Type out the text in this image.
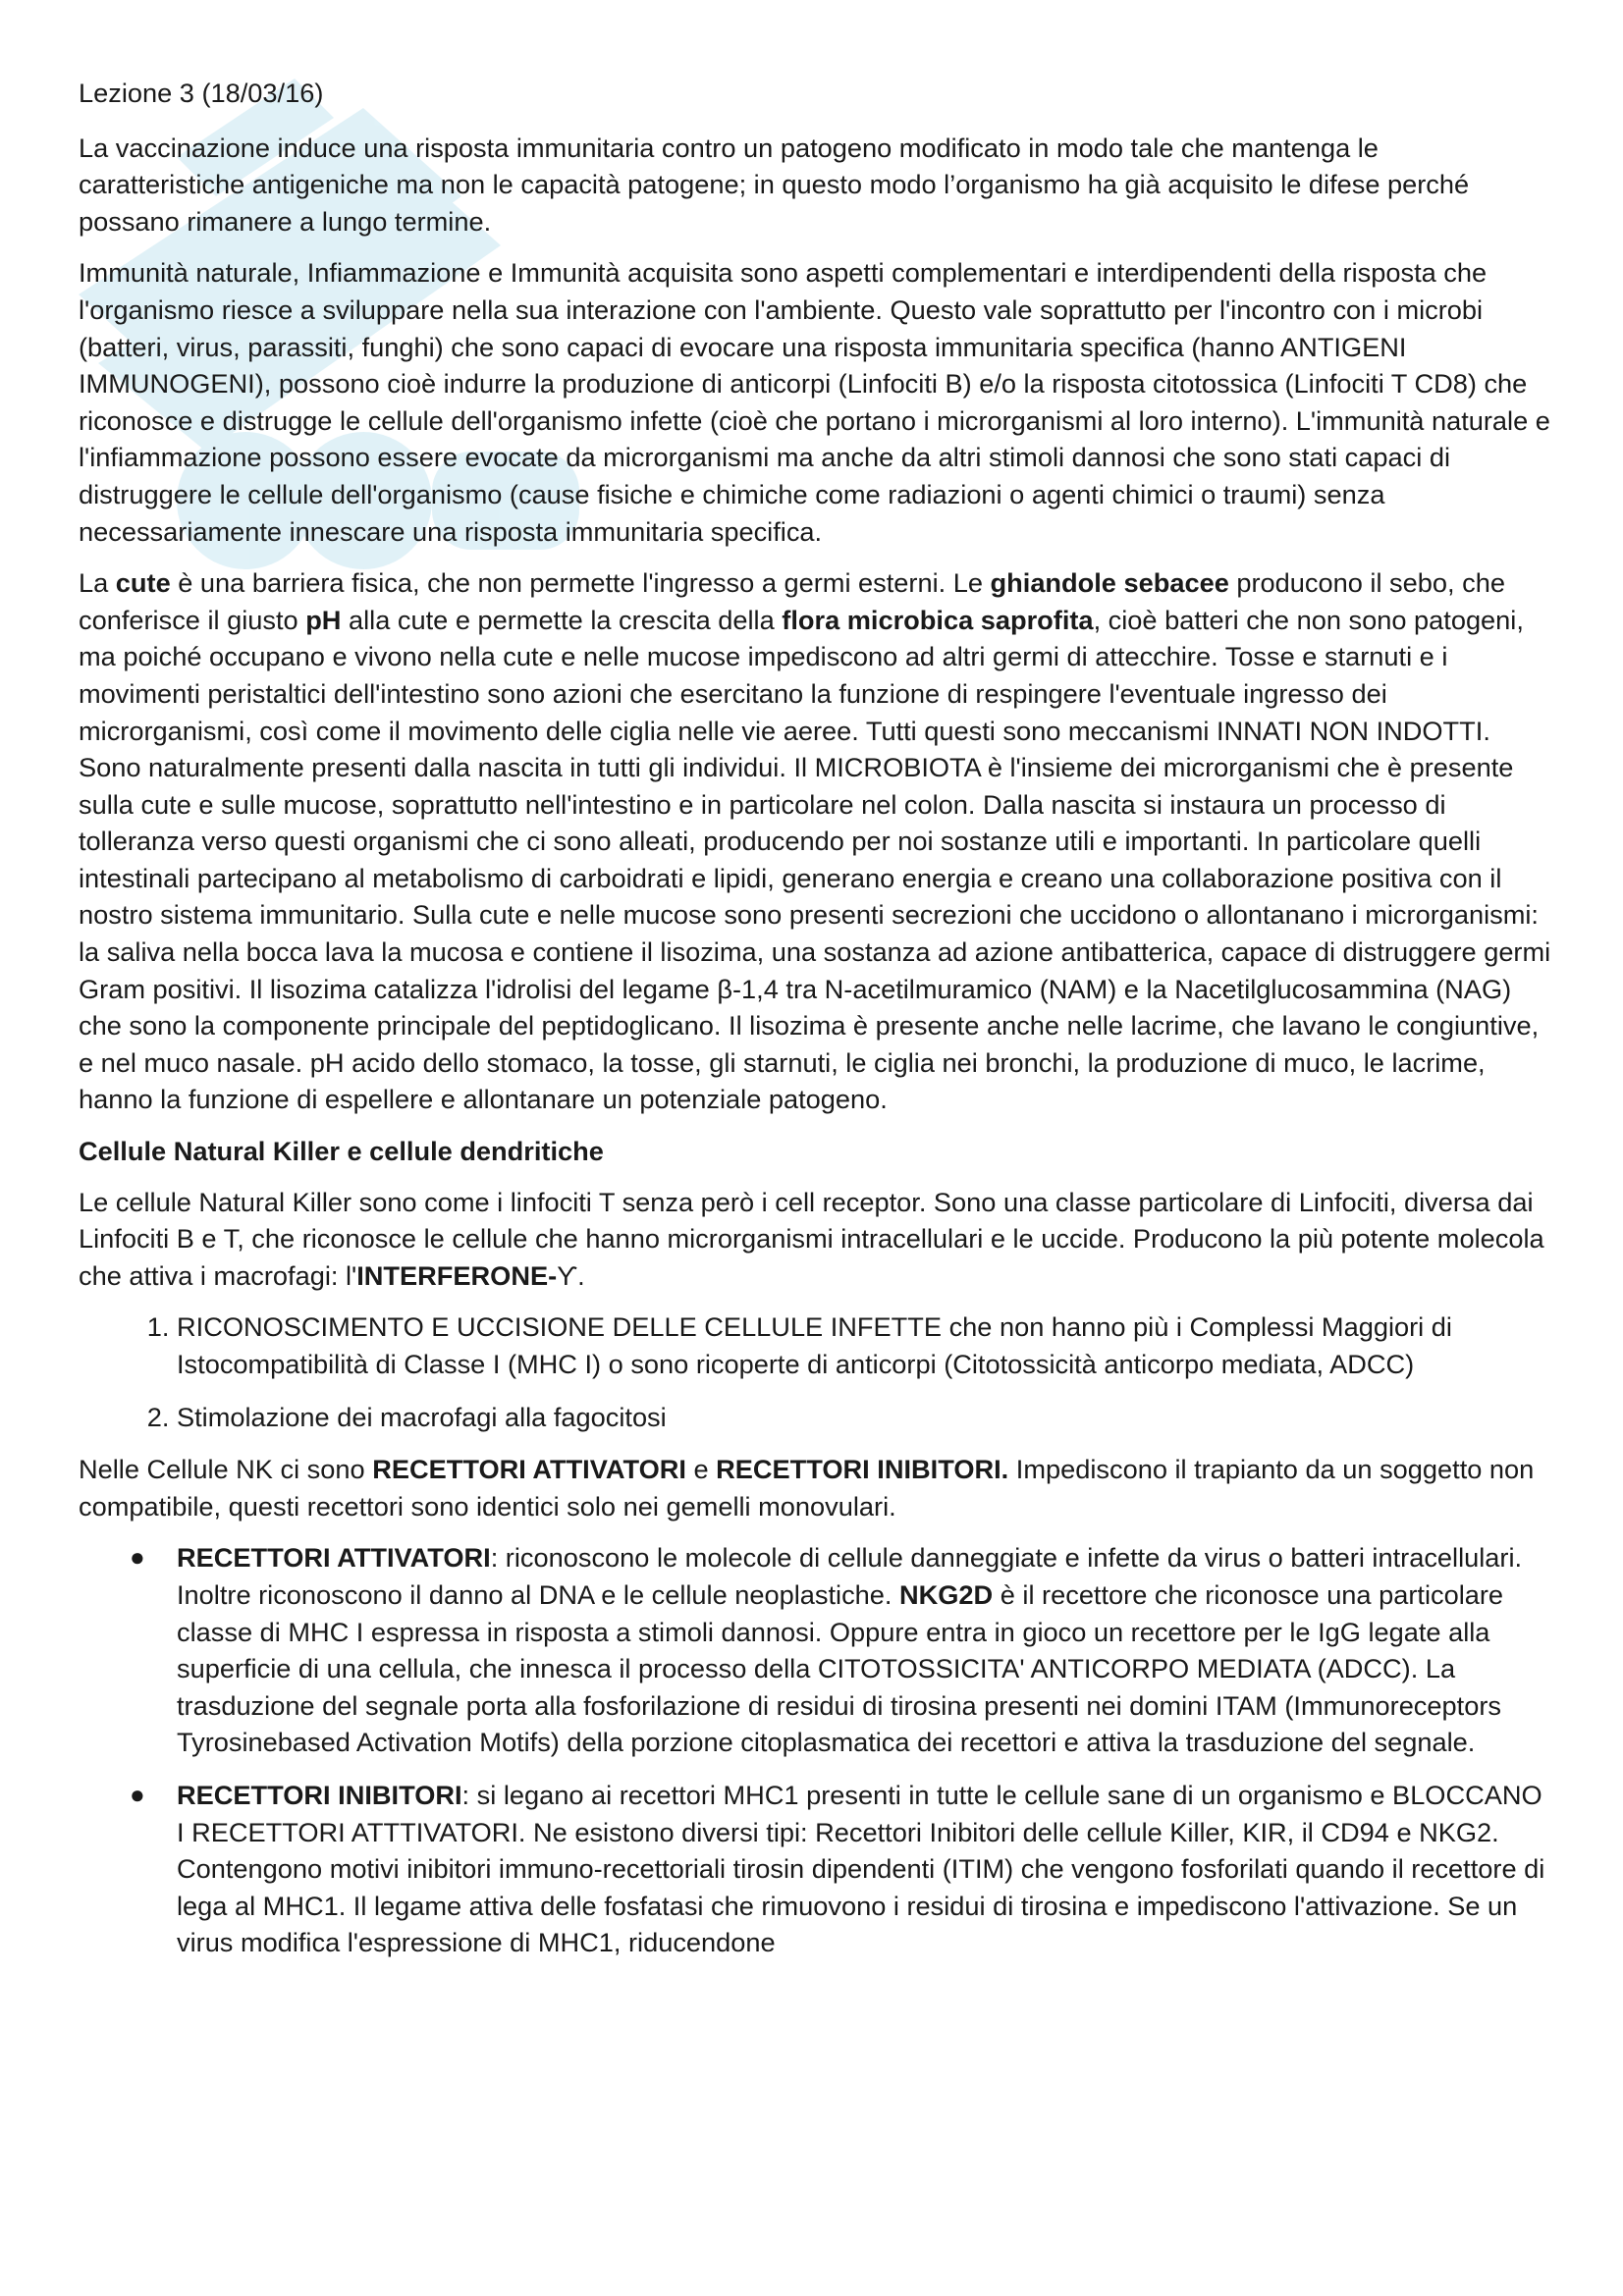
Lezione 3 (18/03/16)

La vaccinazione induce una risposta immunitaria contro un patogeno modificato in modo tale che mantenga le caratteristiche antigeniche ma non le capacità patogene; in questo modo l’organismo ha già acquisito le difese perché possano rimanere a lungo termine.

Immunità naturale, Infiammazione e Immunità acquisita sono aspetti complementari e interdipendenti della risposta che l'organismo riesce a sviluppare nella sua interazione con l'ambiente. Questo vale soprattutto per l'incontro con i microbi (batteri, virus, parassiti, funghi) che sono capaci di evocare una risposta immunitaria specifica (hanno ANTIGENI IMMUNOGENI), possono cioè indurre la produzione di anticorpi (Linfociti B) e/o la risposta citotossica (Linfociti T CD8) che riconosce e distrugge le cellule dell'organismo infette (cioè che portano i microrganismi al loro interno). L'immunità naturale e l'infiammazione possono essere evocate da microrganismi ma anche da altri stimoli dannosi che sono stati capaci di distruggere le cellule dell'organismo (cause fisiche e chimiche come radiazioni o agenti chimici o traumi) senza necessariamente innescare una risposta immunitaria specifica.

La cute è una barriera fisica, che non permette l'ingresso a germi esterni. Le ghiandole sebacee producono il sebo, che conferisce il giusto pH alla cute e permette la crescita della flora microbica saprofita, cioè batteri che non sono patogeni, ma poiché occupano e vivono nella cute e nelle mucose impediscono ad altri germi di attecchire. Tosse e starnuti e i movimenti peristaltici dell'intestino sono azioni che esercitano la funzione di respingere l'eventuale ingresso dei microrganismi, così come il movimento delle ciglia nelle vie aeree. Tutti questi sono meccanismi INNATI NON INDOTTI. Sono naturalmente presenti dalla nascita in tutti gli individui. Il MICROBIOTA è l'insieme dei microrganismi che è presente sulla cute e sulle mucose, soprattutto nell'intestino e in particolare nel colon. Dalla nascita si instaura un processo di tolleranza verso questi organismi che ci sono alleati, producendo per noi sostanze utili e importanti. In particolare quelli intestinali partecipano al metabolismo di carboidrati e lipidi, generano energia e creano una collaborazione positiva con il nostro sistema immunitario. Sulla cute e nelle mucose sono presenti secrezioni che uccidono o allontanano i microrganismi: la saliva nella bocca lava la mucosa e contiene il lisozima, una sostanza ad azione antibatterica, capace di distruggere germi Gram positivi. Il lisozima catalizza l'idrolisi del legame β-1,4 tra N-acetilmuramico (NAM) e la Nacetilglucosammina (NAG) che sono la componente principale del peptidoglicano. Il lisozima è presente anche nelle lacrime, che lavano le congiuntive, e nel muco nasale. pH acido dello stomaco, la tosse, gli starnuti, le ciglia nei bronchi, la produzione di muco, le lacrime, hanno la funzione di espellere e allontanare un potenziale patogeno.

Cellule Natural Killer e cellule dendritiche

Le cellule Natural Killer sono come i linfociti T senza però i cell receptor. Sono una classe particolare di Linfociti, diversa dai Linfociti B e T, che riconosce le cellule che hanno microrganismi intracellulari e le uccide. Producono la più potente molecola che attiva i macrofagi: l'INTERFERONE-ϒ.

1. RICONOSCIMENTO E UCCISIONE DELLE CELLULE INFETTE che non hanno più i Complessi Maggiori di Istocompatibilità di Classe I (MHC I) o sono ricoperte di anticorpi (Citotossicità anticorpo mediata, ADCC)
2. Stimolazione dei macrofagi alla fagocitosi

Nelle Cellule NK ci sono RECETTORI ATTIVATORI e RECETTORI INIBITORI. Impediscono il trapianto da un soggetto non compatibile, questi recettori sono identici solo nei gemelli monovulari.

● RECETTORI ATTIVATORI: riconoscono le molecole di cellule danneggiate e infette da virus o batteri intracellulari. Inoltre riconoscono il danno al DNA e le cellule neoplastiche. NKG2D è il recettore che riconosce una particolare classe di MHC I espressa in risposta a stimoli dannosi. Oppure entra in gioco un recettore per le IgG legate alla superficie di una cellula, che innesca il processo della CITOTOSSICITA' ANTICORPO MEDIATA (ADCC). La trasduzione del segnale porta alla fosforilazione di residui di tirosina presenti nei domini ITAM (Immunoreceptors Tyrosinebased Activation Motifs) della porzione citoplasmatica dei recettori e attiva la trasduzione del segnale.
● RECETTORI INIBITORI: si legano ai recettori MHC1 presenti in tutte le cellule sane di un organismo e BLOCCANO I RECETTORI ATTTIVATORI. Ne esistono diversi tipi: Recettori Inibitori delle cellule Killer, KIR, il CD94 e NKG2. Contengono motivi inibitori immuno-recettoriali tirosin dipendenti (ITIM) che vengono fosforilati quando il recettore di lega al MHC1. Il legame attiva delle fosfatasi che rimuovono i residui di tirosina e impediscono l'attivazione. Se un virus modifica l'espressione di MHC1, riducendone
